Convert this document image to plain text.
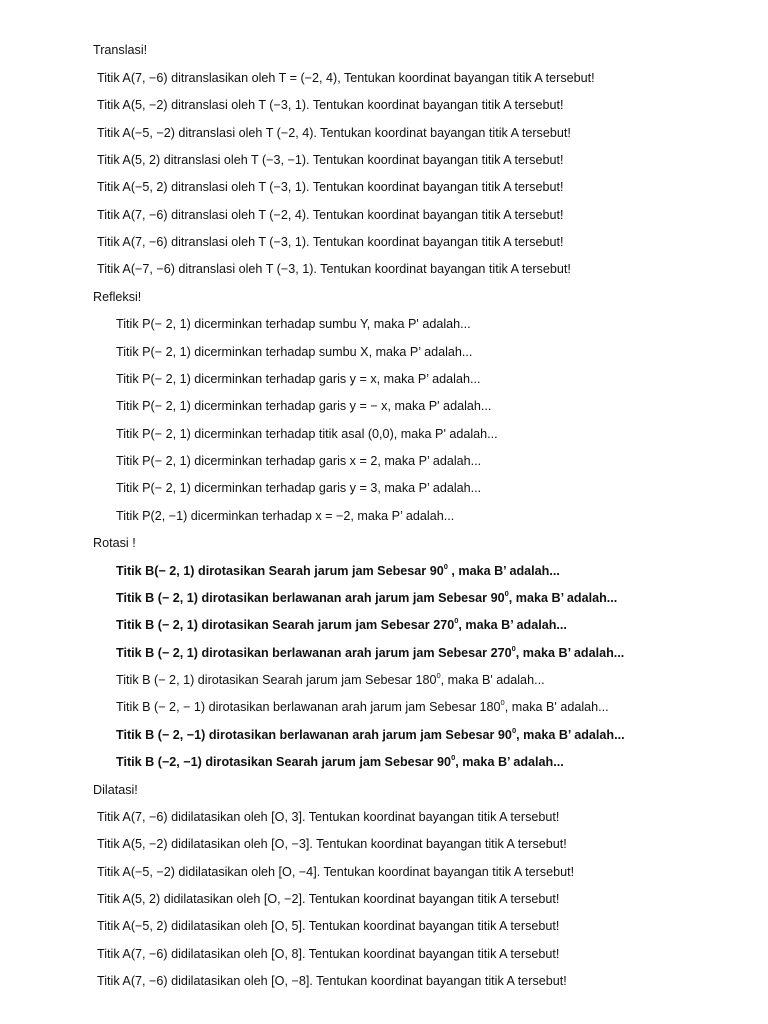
Translasi!
Titik A(7, −6) ditranslasikan oleh T = (−2, 4), Tentukan koordinat bayangan titik A tersebut!
Titik A(5, −2) ditranslasi oleh T (−3, 1). Tentukan koordinat bayangan titik A tersebut!
Titik A(−5, −2) ditranslasi oleh T (−2, 4). Tentukan koordinat bayangan titik A tersebut!
Titik A(5, 2) ditranslasi oleh T (−3, −1). Tentukan koordinat bayangan titik A tersebut!
Titik A(−5, 2) ditranslasi oleh T (−3, 1). Tentukan koordinat bayangan titik A tersebut!
Titik A(7, −6) ditranslasi oleh T (−2, 4). Tentukan koordinat bayangan titik A tersebut!
Titik A(7, −6) ditranslasi oleh T (−3, 1). Tentukan koordinat bayangan titik A tersebut!
Titik A(−7, −6) ditranslasi oleh T (−3, 1). Tentukan koordinat bayangan titik A tersebut!
Refleksi!
Titik P(− 2, 1) dicerminkan terhadap sumbu Y, maka P' adalah...
Titik P(− 2, 1) dicerminkan terhadap sumbu X, maka P’ adalah...
Titik P(− 2, 1) dicerminkan terhadap garis y = x, maka P’ adalah...
Titik P(− 2, 1) dicerminkan terhadap garis y = − x, maka P' adalah...
Titik P(− 2, 1) dicerminkan terhadap titik asal (0,0), maka P' adalah...
Titik P(− 2, 1) dicerminkan terhadap garis x = 2, maka P’ adalah...
Titik P(− 2, 1) dicerminkan terhadap garis y = 3, maka P’ adalah...
Titik P(2, −1) dicerminkan terhadap x = −2, maka P’ adalah...
Rotasi !
Titik B(− 2, 1) dirotasikan Searah jarum jam Sebesar $90^0$ , maka B’ adalah...
Titik B (− 2, 1) dirotasikan berlawanan arah jarum jam Sebesar $90^0$, maka B’ adalah...
Titik B (− 2, 1) dirotasikan Searah jarum jam Sebesar $270^0$, maka B’ adalah...
Titik B (− 2, 1) dirotasikan berlawanan arah jarum jam Sebesar $270^0$, maka B’ adalah...
Titik B (− 2, 1) dirotasikan Searah jarum jam Sebesar $180^0$, maka B' adalah...
Titik B (− 2, − 1) dirotasikan berlawanan arah jarum jam Sebesar $180^0$, maka B' adalah...
Titik B (− 2, −1) dirotasikan berlawanan arah jarum jam Sebesar $90^0$, maka B’ adalah...
Titik B (−2, −1) dirotasikan Searah jarum jam Sebesar $90^0$, maka B’ adalah...
Dilatasi!
Titik A(7, −6) didilatasikan oleh [O, 3]. Tentukan koordinat bayangan titik A tersebut!
Titik A(5, −2) didilatasikan oleh [O, −3]. Tentukan koordinat bayangan titik A tersebut!
Titik A(−5, −2) didilatasikan oleh [O, −4]. Tentukan koordinat bayangan titik A tersebut!
Titik A(5, 2) didilatasikan oleh [O, −2]. Tentukan koordinat bayangan titik A tersebut!
Titik A(−5, 2) didilatasikan oleh [O, 5]. Tentukan koordinat bayangan titik A tersebut!
Titik A(7, −6) didilatasikan oleh [O, 8]. Tentukan koordinat bayangan titik A tersebut!
Titik A(7, −6) didilatasikan oleh [O, −8]. Tentukan koordinat bayangan titik A tersebut!
